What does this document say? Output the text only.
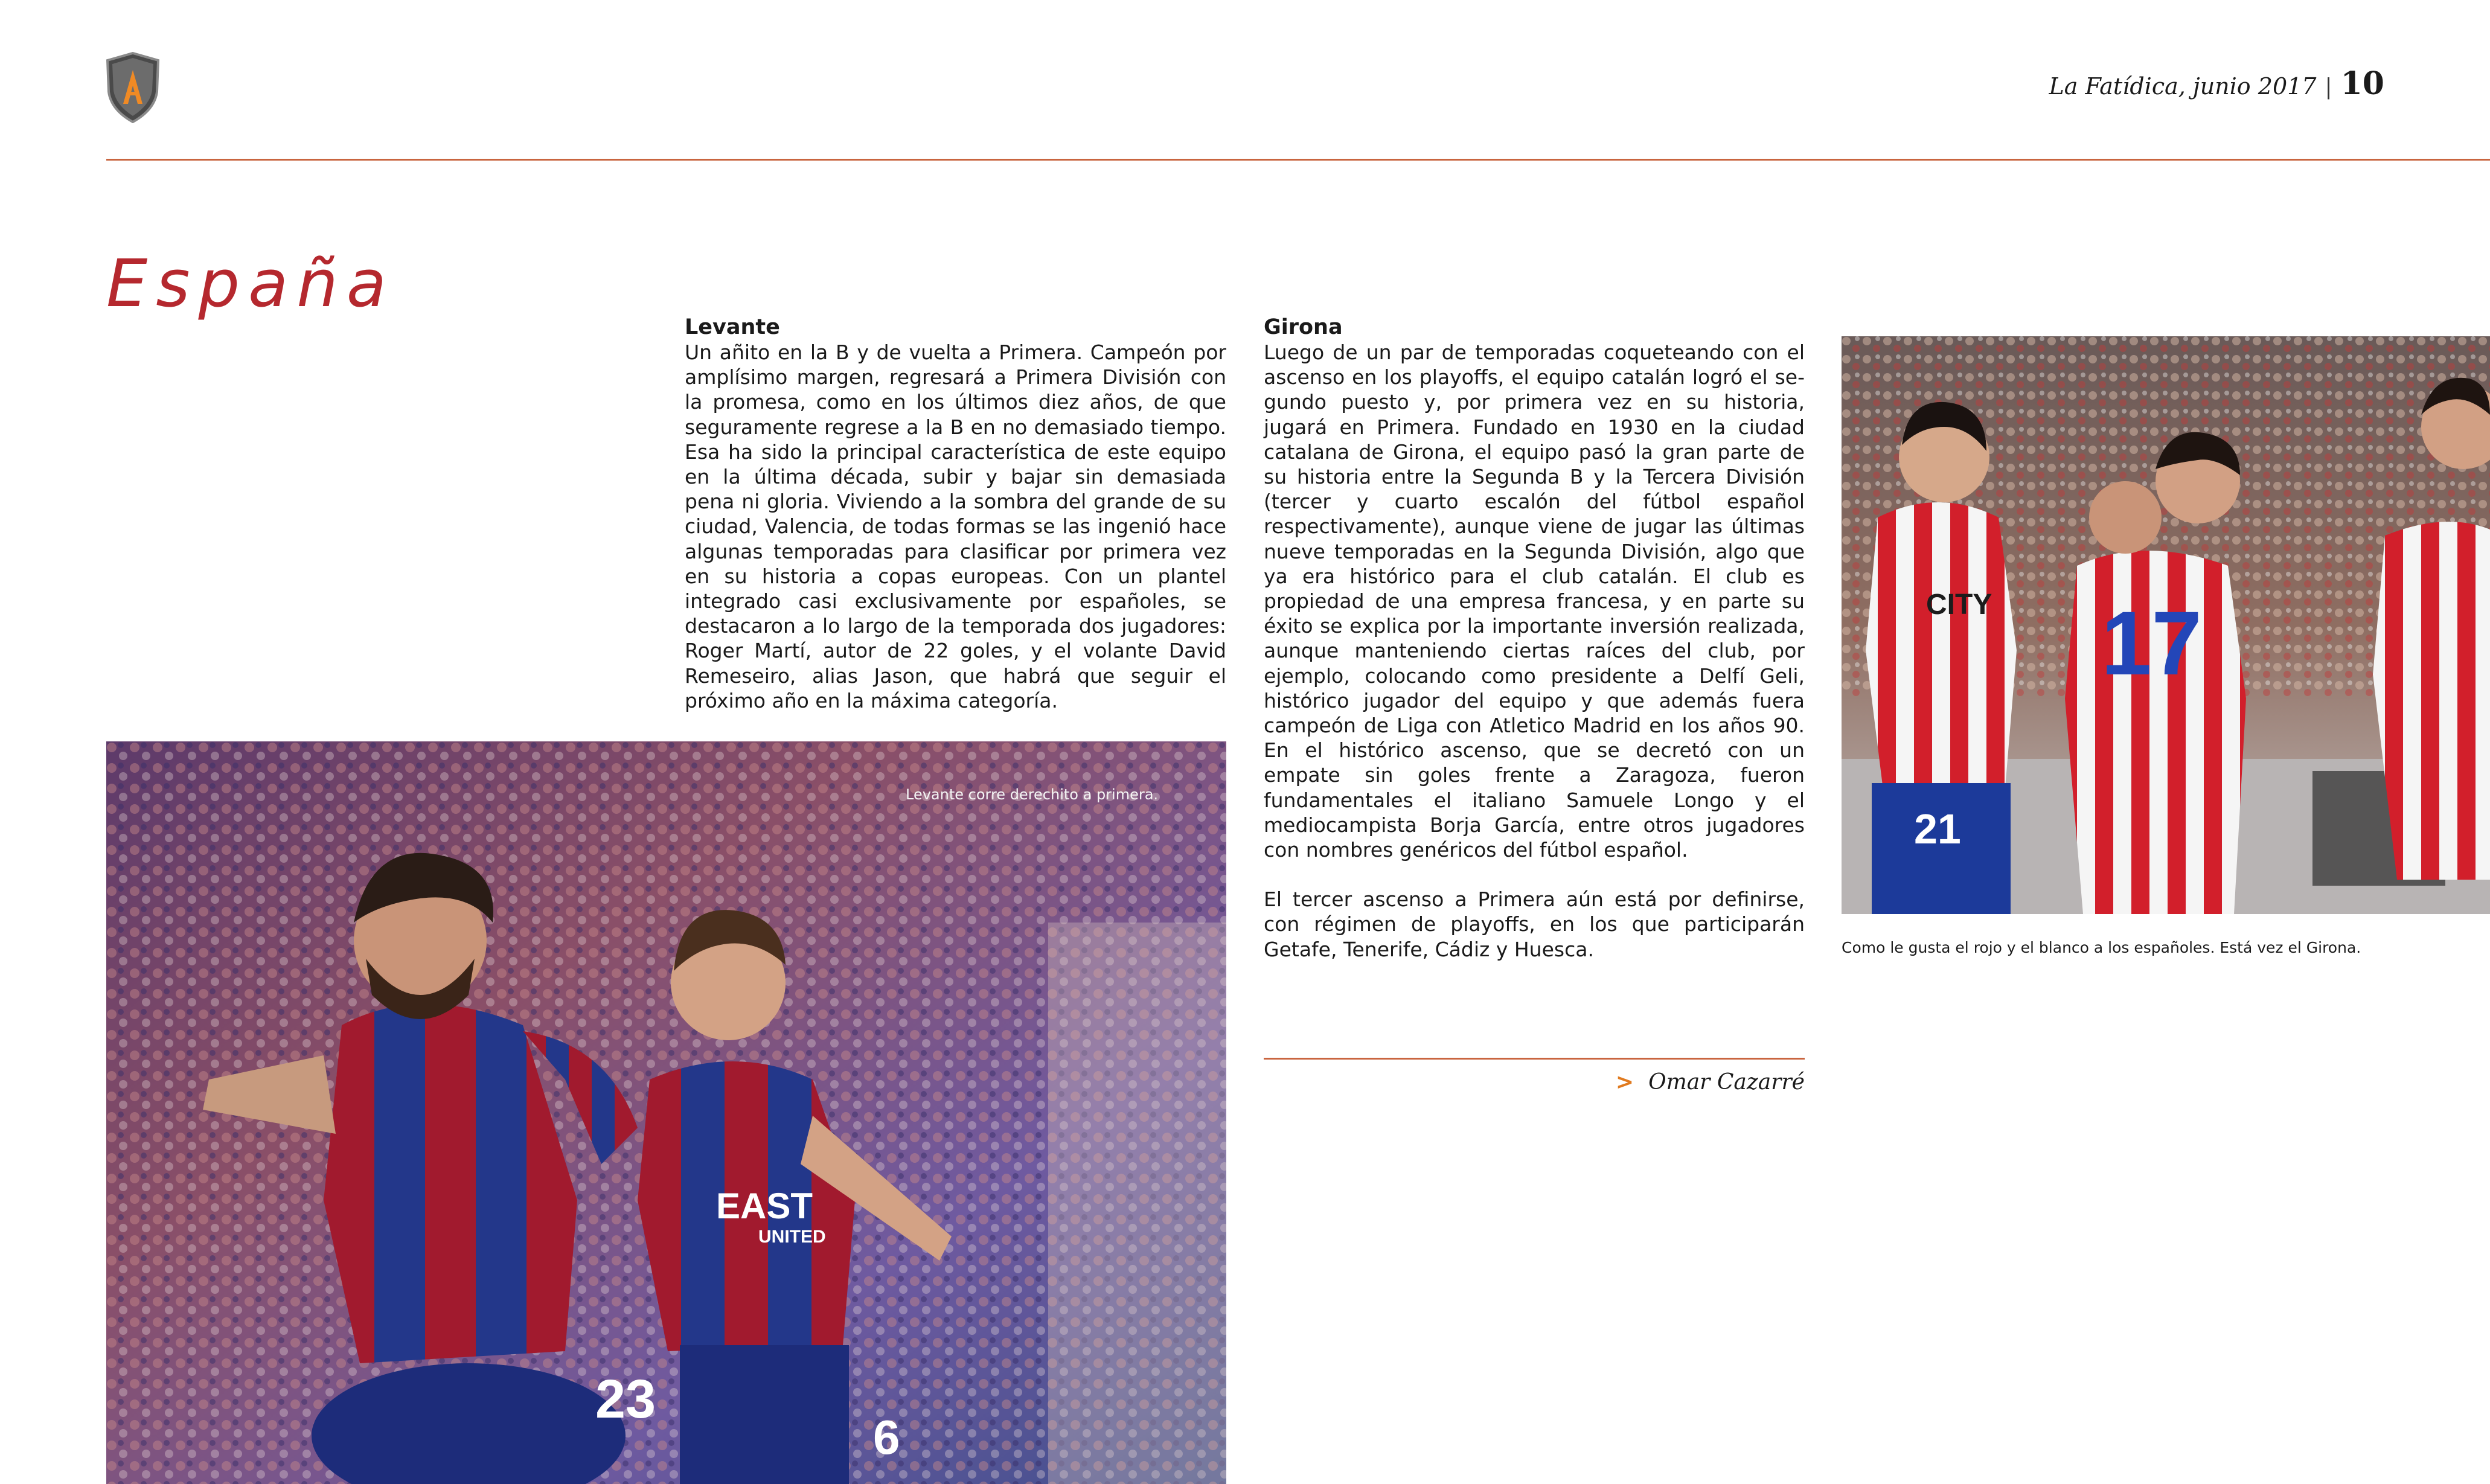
La Fatídica, junio 2017 | 10
España
Levante

Un añito en la B y de vuelta a Primera. Campeón por amplísimo margen, regresará a Primera División con la promesa, como en los últimos diez años, de que seguramente regrese a la B en no demasiado tiempo. Esa ha sido la principal característica de este equipo en la última década, subir y bajar sin demasiada pena ni gloria. Viviendo a la sombra del grande de su ciudad, Valencia, de todas formas se las ingenió hace algunas temporadas para clasificar por primera vez en su historia a copas europeas. Con un plantel integrado casi exclusivamente por españoles, se destacaron a lo largo de la temporada dos jugadores: Roger Martí, autor de 22 goles, y el volante David Remeseiro, alias Jason, que habrá que seguir el próximo año en la máxima categoría.

Girona

Luego de un par de temporadas coqueteando con el ascenso en los playoffs, el equipo catalán logró el segundo puesto y, por primera vez en su historia, jugará en Primera. Fundado en 1930 en la ciudad catalana de Girona, el equipo pasó la gran parte de su historia entre la Segunda B y la Tercera División (tercer y cuarto escalón del fútbol español respectivamente), aunque viene de jugar las últimas nueve temporadas en la Segunda División, algo que ya era histórico para el club catalán. El club es propiedad de una empresa francesa, y en parte su éxito se explica por la importante inversión realizada, aunque manteniendo ciertas raíces del club, por ejemplo, colocando como presidente a Delfí Geli, histórico jugador del equipo y que además fuera campeón de Liga con Atletico Madrid en los años 90. En el histórico ascenso, que se decretó con un empate sin goles frente a Zaragoza, fueron fundamentales el italiano Samuele Longo y el mediocampista Borja García, entre otros jugadores con nombres genéricos del fútbol español.

El tercer ascenso a Primera aún está por definirse, con régimen de playoffs, en los que participarán Getafe, Tenerife, Cádiz y Huesca.

EAST
UNITED
23
6
Levante corre derechito a primera.
21
CITY 17
Como le gusta el rojo y el blanco a los españoles. Está vez el Girona.
> Omar Cazarré
